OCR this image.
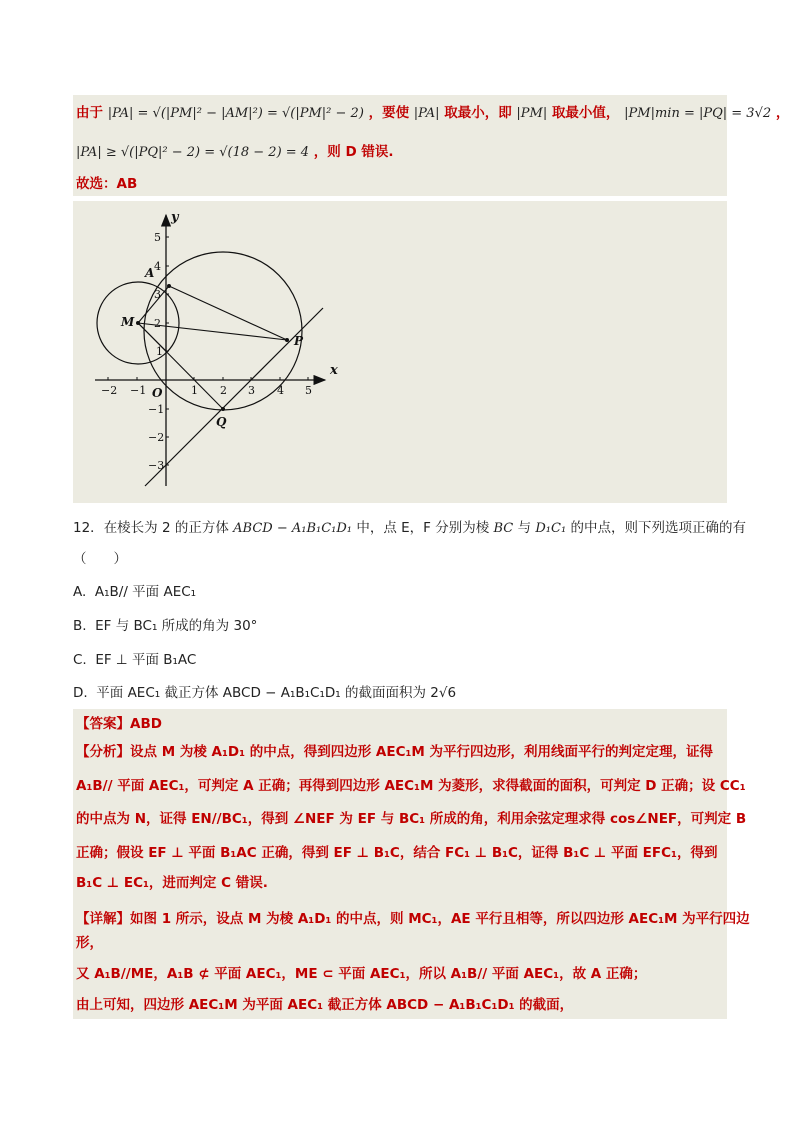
由于 |PA| = √(|PM|² − |AM|²) = √(|PM|² − 2) ，要使 |PA| 取最小，即 |PM| 取最小值， |PM|min = |PQ| = 3√2 ，
|PA| ≥ √(|PQ|² − 2) = √(18 − 2) = 4 ，则 D 错误.
故选：AB
−2 −1	1 2 3 4 5
5
4
3
2
1
−1
−2
−3
x
y
O
A
M
P
Q
12．在棱长为 2 的正方体 ABCD − A₁B₁C₁D₁ 中，点 E，F 分别为棱 BC 与 D₁C₁ 的中点，则下列选项正确的有
（　　）
A. A₁B// 平面 AEC₁
B. EF 与 BC₁ 所成的角为 30°
C. EF ⊥ 平面 B₁AC
D. 平面 AEC₁ 截正方体 ABCD − A₁B₁C₁D₁ 的截面面积为 2√6
【答案】ABD
【分析】设点 M 为棱 A₁D₁ 的中点，得到四边形 AEC₁M 为平行四边形，利用线面平行的判定定理，证得
A₁B// 平面 AEC₁，可判定 A 正确；再得到四边形 AEC₁M 为菱形，求得截面的面积，可判定 D 正确；设 CC₁
的中点为 N，证得 EN//BC₁，得到 ∠NEF 为 EF 与 BC₁ 所成的角，利用余弦定理求得 cos∠NEF，可判定 B
正确；假设 EF ⊥ 平面 B₁AC 正确，得到 EF ⊥ B₁C，结合 FC₁ ⊥ B₁C，证得 B₁C ⊥ 平面 EFC₁，得到
B₁C ⊥ EC₁，进而判定 C 错误.
【详解】如图 1 所示，设点 M 为棱 A₁D₁ 的中点，则 MC₁，AE 平行且相等，所以四边形 AEC₁M 为平行四边
形，
又 A₁B//ME，A₁B ⊄ 平面 AEC₁，ME ⊂ 平面 AEC₁，所以 A₁B// 平面 AEC₁，故 A 正确；
由上可知，四边形 AEC₁M 为平面 AEC₁ 截正方体 ABCD − A₁B₁C₁D₁ 的截面，
